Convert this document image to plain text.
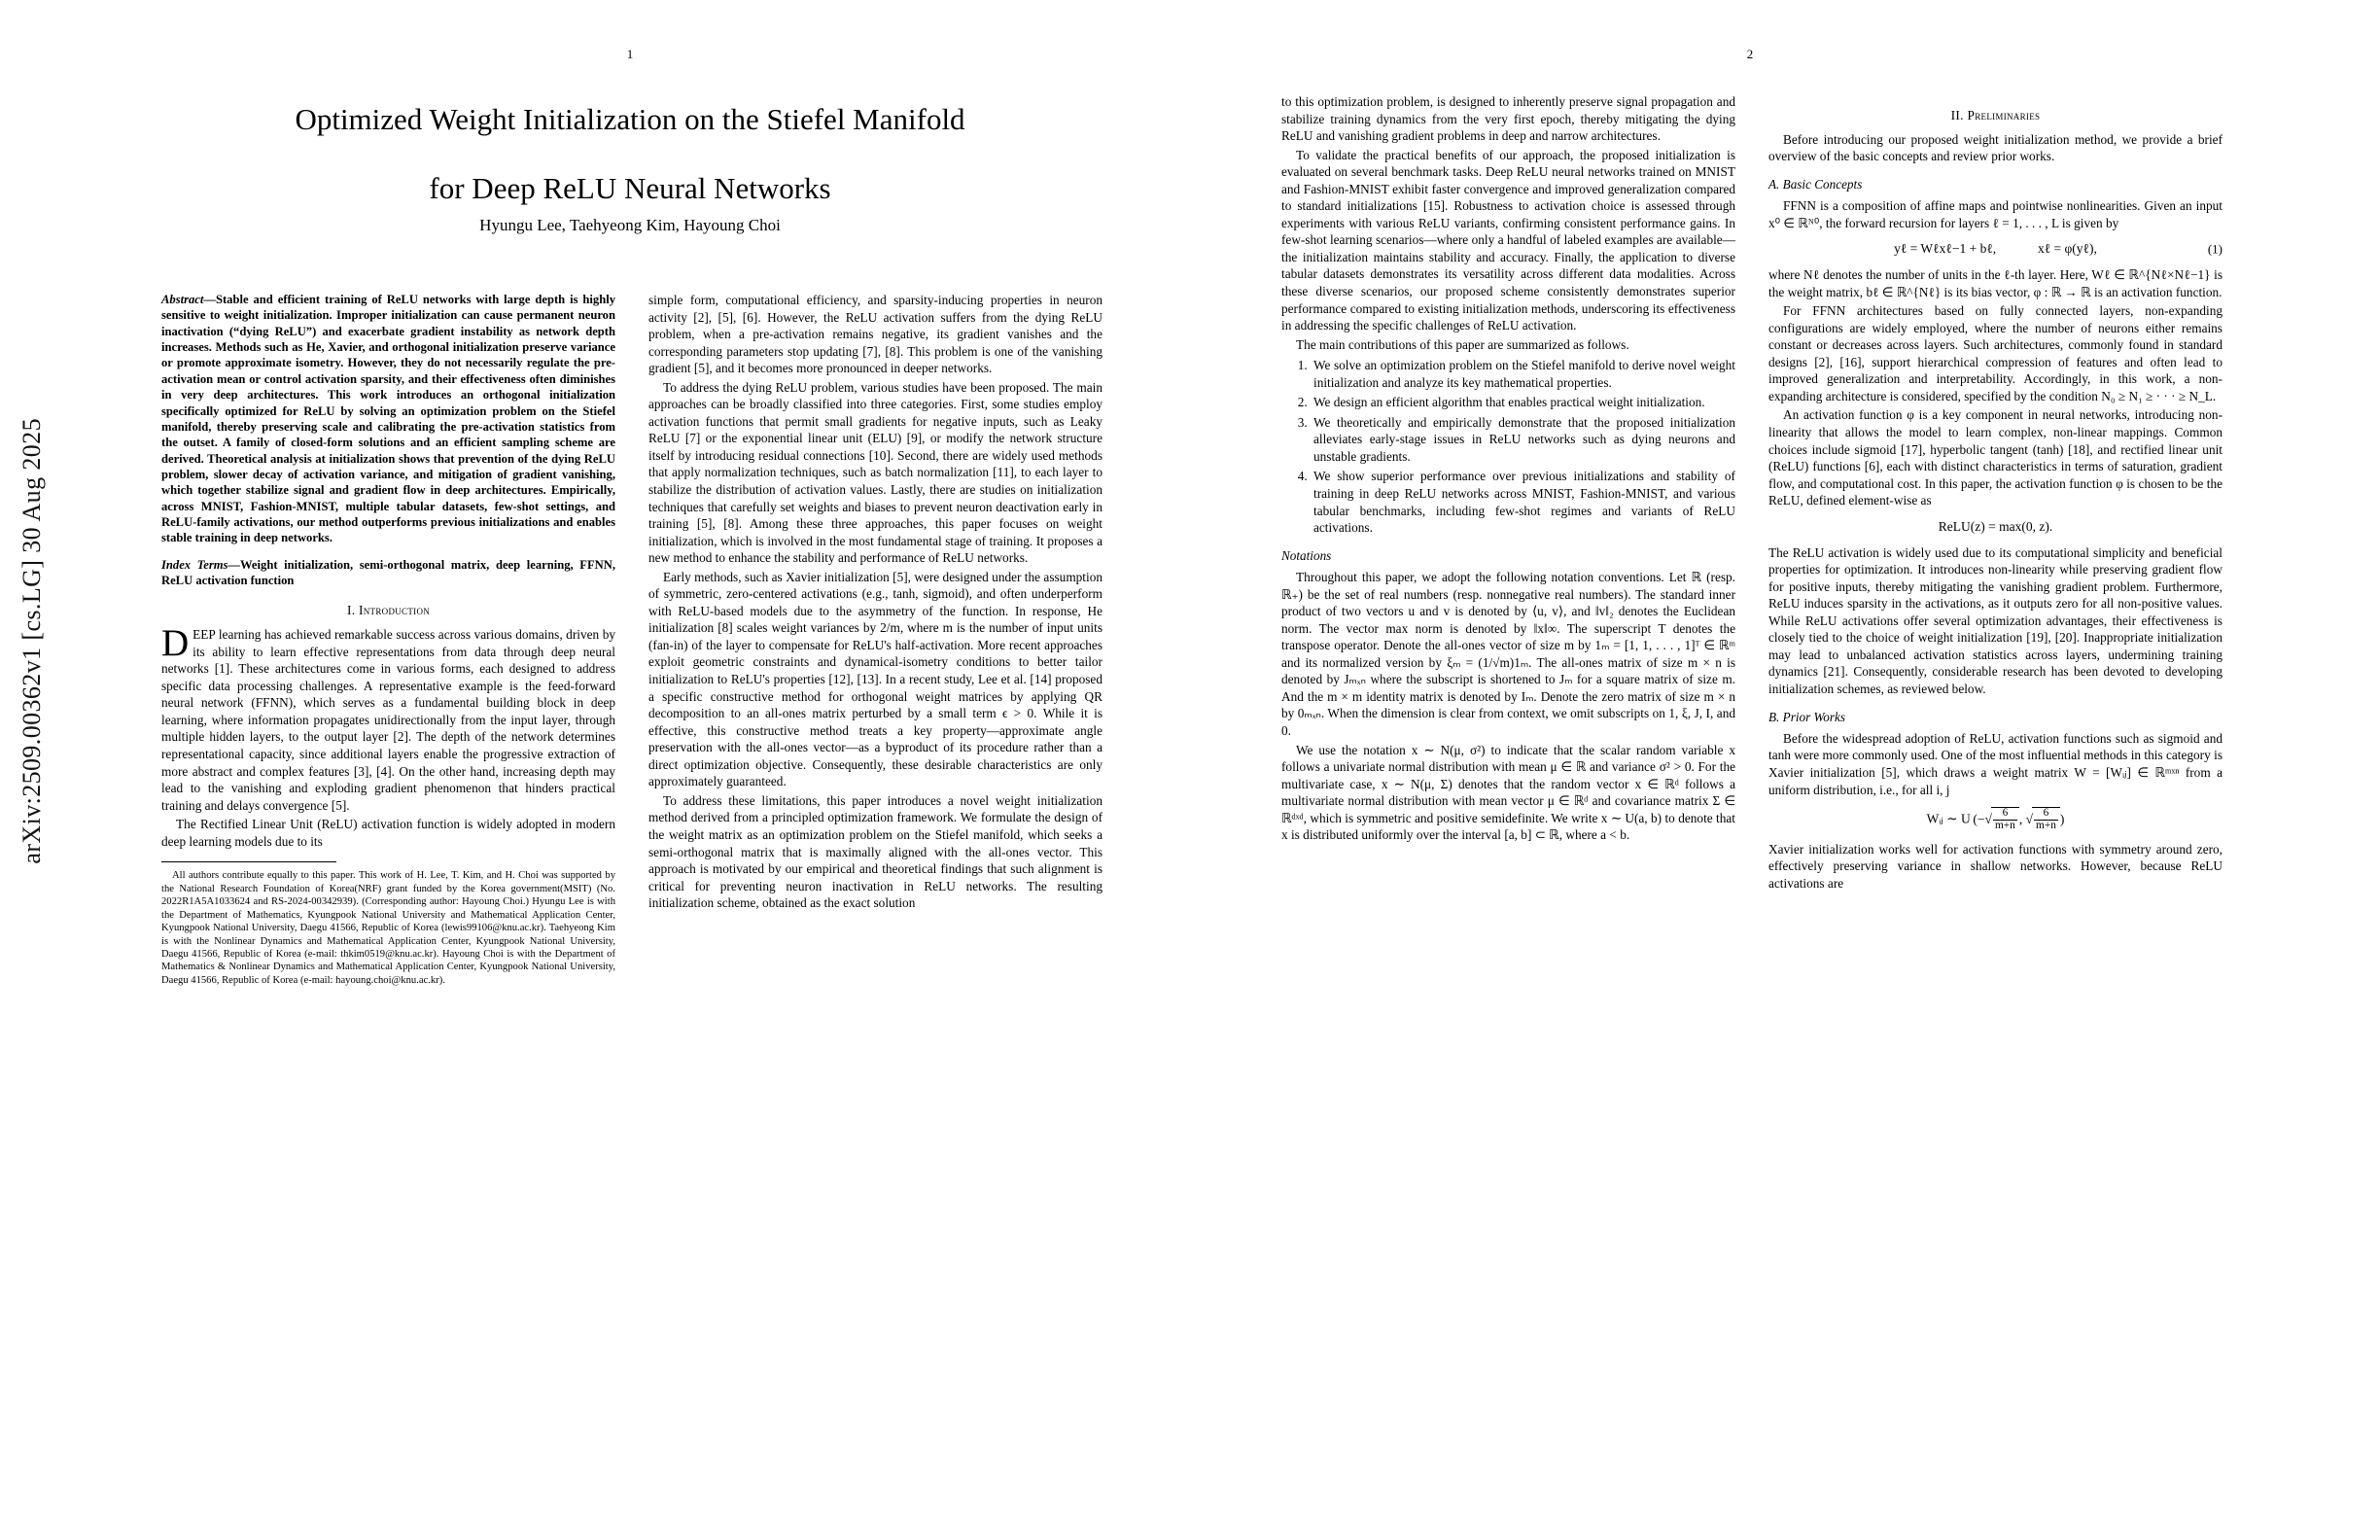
arXiv:2509.00362v1 [cs.LG] 30 Aug 2025
1
Optimized Weight Initialization on the Stiefel Manifold
for Deep ReLU Neural Networks
Hyungu Lee, Taehyeong Kim, Hayoung Choi
Abstract—Stable and efficient training of ReLU networks with large depth is highly sensitive to weight initialization. Improper initialization can cause permanent neuron inactivation (“dying ReLU”) and exacerbate gradient instability as network depth increases. Methods such as He, Xavier, and orthogonal initialization preserve variance or promote approximate isometry. However, they do not necessarily regulate the pre-activation mean or control activation sparsity, and their effectiveness often diminishes in very deep architectures. This work introduces an orthogonal initialization specifically optimized for ReLU by solving an optimization problem on the Stiefel manifold, thereby preserving scale and calibrating the pre-activation statistics from the outset. A family of closed-form solutions and an efficient sampling scheme are derived. Theoretical analysis at initialization shows that prevention of the dying ReLU problem, slower decay of activation variance, and mitigation of gradient vanishing, which together stabilize signal and gradient flow in deep architectures. Empirically, across MNIST, Fashion-MNIST, multiple tabular datasets, few-shot settings, and ReLU-family activations, our method outperforms previous initializations and enables stable training in deep networks.
Index Terms—Weight initialization, semi-orthogonal matrix, deep learning, FFNN, ReLU activation function
I. Introduction

DEEP learning has achieved remarkable success across various domains, driven by its ability to learn effective representations from data through deep neural networks [1]. These architectures come in various forms, each designed to address specific data processing challenges. A representative example is the feed-forward neural network (FFNN), which serves as a fundamental building block in deep learning, where information propagates unidirectionally from the input layer, through multiple hidden layers, to the output layer [2]. The depth of the network determines representational capacity, since additional layers enable the progressive extraction of more abstract and complex features [3], [4]. On the other hand, increasing depth may lead to the vanishing and exploding gradient phenomenon that hinders practical training and delays convergence [5].

The Rectified Linear Unit (ReLU) activation function is widely adopted in modern deep learning models due to its

All authors contribute equally to this paper. This work of H. Lee, T. Kim, and H. Choi was supported by the National Research Foundation of Korea(NRF) grant funded by the Korea government(MSIT) (No. 2022R1A5A1033624 and RS-2024-00342939). (Corresponding author: Hayoung Choi.) Hyungu Lee is with the Department of Mathematics, Kyungpook National University and Mathematical Application Center, Kyungpook National University, Daegu 41566, Republic of Korea (lewis99106@knu.ac.kr). Taehyeong Kim is with the Nonlinear Dynamics and Mathematical Application Center, Kyungpook National University, Daegu 41566, Republic of Korea (e-mail: thkim0519@knu.ac.kr). Hayoung Choi is with the Department of Mathematics & Nonlinear Dynamics and Mathematical Application Center, Kyungpook National University, Daegu 41566, Republic of Korea (e-mail: hayoung.choi@knu.ac.kr).

simple form, computational efficiency, and sparsity-inducing properties in neuron activity [2], [5], [6]. However, the ReLU activation suffers from the dying ReLU problem, when a pre-activation remains negative, its gradient vanishes and the corresponding parameters stop updating [7], [8]. This problem is one of the vanishing gradient [5], and it becomes more pronounced in deeper networks.

To address the dying ReLU problem, various studies have been proposed. The main approaches can be broadly classified into three categories. First, some studies employ activation functions that permit small gradients for negative inputs, such as Leaky ReLU [7] or the exponential linear unit (ELU) [9], or modify the network structure itself by introducing residual connections [10]. Second, there are widely used methods that apply normalization techniques, such as batch normalization [11], to each layer to stabilize the distribution of activation values. Lastly, there are studies on initialization techniques that carefully set weights and biases to prevent neuron deactivation early in training [5], [8]. Among these three approaches, this paper focuses on weight initialization, which is involved in the most fundamental stage of training. It proposes a new method to enhance the stability and performance of ReLU networks.

Early methods, such as Xavier initialization [5], were designed under the assumption of symmetric, zero-centered activations (e.g., tanh, sigmoid), and often underperform with ReLU-based models due to the asymmetry of the function. In response, He initialization [8] scales weight variances by 2/m, where m is the number of input units (fan-in) of the layer to compensate for ReLU's half-activation. More recent approaches exploit geometric constraints and dynamical-isometry conditions to better tailor initialization to ReLU's properties [12], [13]. In a recent study, Lee et al. [14] proposed a specific constructive method for orthogonal weight matrices by applying QR decomposition to an all-ones matrix perturbed by a small term ϵ > 0. While it is effective, this constructive method treats a key property—approximate angle preservation with the all-ones vector—as a byproduct of its procedure rather than a direct optimization objective. Consequently, these desirable characteristics are only approximately guaranteed.

To address these limitations, this paper introduces a novel weight initialization method derived from a principled optimization framework. We formulate the design of the weight matrix as an optimization problem on the Stiefel manifold, which seeks a semi-orthogonal matrix that is maximally aligned with the all-ones vector. This approach is motivated by our empirical and theoretical findings that such alignment is critical for preventing neuron inactivation in ReLU networks. The resulting initialization scheme, obtained as the exact solution

2

to this optimization problem, is designed to inherently preserve signal propagation and stabilize training dynamics from the very first epoch, thereby mitigating the dying ReLU and vanishing gradient problems in deep and narrow architectures.

To validate the practical benefits of our approach, the proposed initialization is evaluated on several benchmark tasks. Deep ReLU neural networks trained on MNIST and Fashion-MNIST exhibit faster convergence and improved generalization compared to standard initializations [15]. Robustness to activation choice is assessed through experiments with various ReLU variants, confirming consistent performance gains. In few-shot learning scenarios—where only a handful of labeled examples are available—the initialization maintains stability and accuracy. Finally, the application to diverse tabular datasets demonstrates its versatility across different data modalities. Across these diverse scenarios, our proposed scheme consistently demonstrates superior performance compared to existing initialization methods, underscoring its effectiveness in addressing the specific challenges of ReLU activation.

The main contributions of this paper are summarized as follows.

1. We solve an optimization problem on the Stiefel manifold to derive novel weight initialization and analyze its key mathematical properties.
2. We design an efficient algorithm that enables practical weight initialization.
3. We theoretically and empirically demonstrate that the proposed initialization alleviates early-stage issues in ReLU networks such as dying neurons and unstable gradients.
4. We show superior performance over previous initializations and stability of training in deep ReLU networks across MNIST, Fashion-MNIST, and various tabular benchmarks, including few-shot regimes and variants of ReLU activations.
Notations

Throughout this paper, we adopt the following notation conventions. Let ℝ (resp. ℝ₊) be the set of real numbers (resp. nonnegative real numbers). The standard inner product of two vectors u and v is denoted by ⟨u, v⟩, and ‖v‖₂ denotes the Euclidean norm. The vector max norm is denoted by ‖x‖∞. The superscript T denotes the transpose operator. Denote the all-ones vector of size m by 1ₘ = [1, 1, . . . , 1]ᵀ ∈ ℝᵐ and its normalized version by ξₘ = (1/√m)1ₘ. The all-ones matrix of size m × n is denoted by Jₘₓₙ where the subscript is shortened to Jₘ for a square matrix of size m. And the m × m identity matrix is denoted by Iₘ. Denote the zero matrix of size m × n by 0ₘₓₙ. When the dimension is clear from context, we omit subscripts on 1, ξ, J, I, and 0.

We use the notation x ∼ N(μ, σ²) to indicate that the scalar random variable x follows a univariate normal distribution with mean μ ∈ ℝ and variance σ² > 0. For the multivariate case, x ∼ N(μ, Σ) denotes that the random vector x ∈ ℝᵈ follows a multivariate normal distribution with mean vector μ ∈ ℝᵈ and covariance matrix Σ ∈ ℝᵈˣᵈ, which is symmetric and positive semidefinite. We write x ∼ U(a, b) to denote that x is distributed uniformly over the interval [a, b] ⊂ ℝ, where a < b.

II. Preliminaries

Before introducing our proposed weight initialization method, we provide a brief overview of the basic concepts and review prior works.

A. Basic Concepts

FFNN is a composition of affine maps and pointwise nonlinearities. Given an input x⁰ ∈ ℝᴺ⁰, the forward recursion for layers ℓ = 1, . . . , L is given by

yℓ = Wℓxℓ−1 + bℓ,	xℓ = φ(yℓ),	(1)

where Nℓ denotes the number of units in the ℓ-th layer. Here, Wℓ ∈ ℝ^{Nℓ×Nℓ−1} is the weight matrix, bℓ ∈ ℝ^{Nℓ} is its bias vector, φ : ℝ → ℝ is an activation function.

For FFNN architectures based on fully connected layers, non-expanding configurations are widely employed, where the number of neurons either remains constant or decreases across layers. Such architectures, commonly found in standard designs [2], [16], support hierarchical compression of features and often lead to improved generalization and interpretability. Accordingly, in this work, a non-expanding architecture is considered, specified by the condition N₀ ≥ N₁ ≥ · · · ≥ N_L.

An activation function φ is a key component in neural networks, introducing non-linearity that allows the model to learn complex, non-linear mappings. Common choices include sigmoid [17], hyperbolic tangent (tanh) [18], and rectified linear unit (ReLU) functions [6], each with distinct characteristics in terms of saturation, gradient flow, and computational cost. In this paper, the activation function φ is chosen to be the ReLU, defined element-wise as

ReLU(z) = max(0, z).

The ReLU activation is widely used due to its computational simplicity and beneficial properties for optimization. It introduces non-linearity while preserving gradient flow for positive inputs, thereby mitigating the vanishing gradient problem. Furthermore, ReLU induces sparsity in the activations, as it outputs zero for all non-positive values. While ReLU activations offer several optimization advantages, their effectiveness is closely tied to the choice of weight initialization [19], [20]. Inappropriate initialization may lead to unbalanced activation statistics across layers, undermining training dynamics [21]. Consequently, considerable research has been devoted to developing initialization schemes, as reviewed below.

B. Prior Works

Before the widespread adoption of ReLU, activation functions such as sigmoid and tanh were more commonly used. One of the most influential methods in this category is Xavier initialization [5], which draws a weight matrix W = [Wᵢⱼ] ∈ ℝᵐˣⁿ from a uniform distribution, i.e., for all i, j

Wᵢⱼ ∼ U (−√ $\frac{6}{m+n}$ , √ $\frac{6}{m+n}$ )

Xavier initialization works well for activation functions with symmetry around zero, effectively preserving variance in shallow networks. However, because ReLU activations are
